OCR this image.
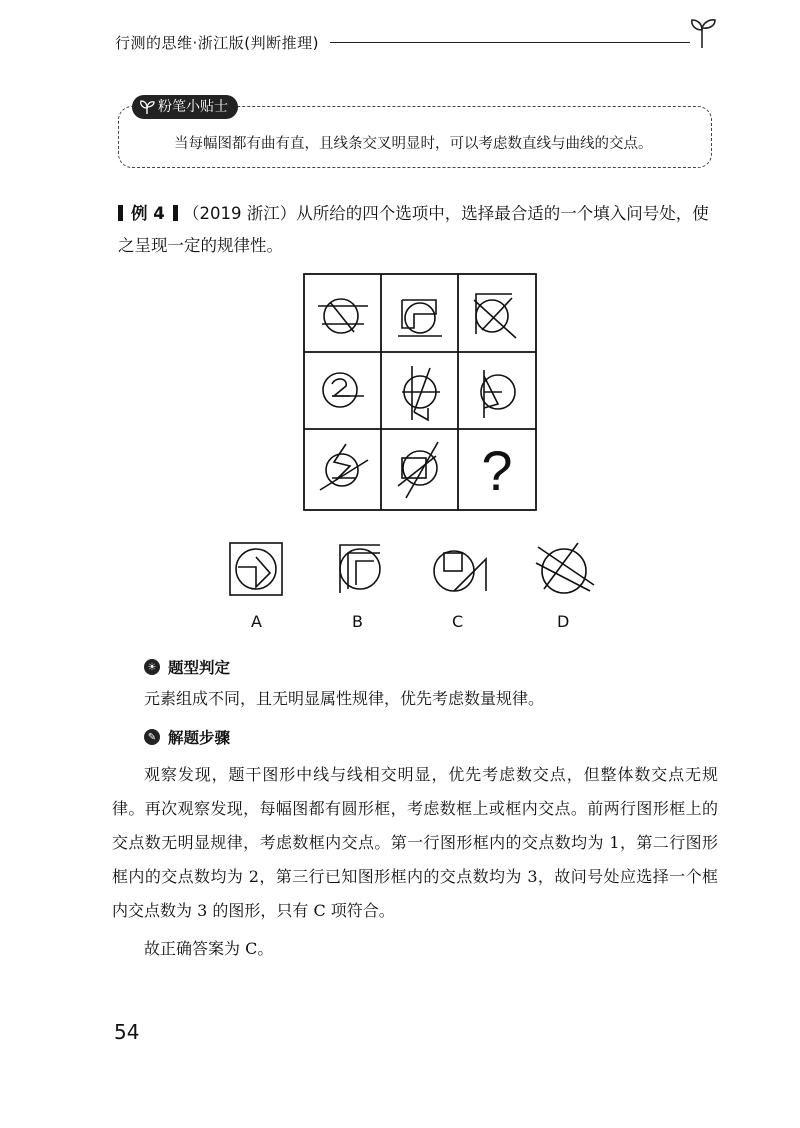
行测的思维·浙江版(判断推理)
粉笔小贴士
当每幅图都有曲有直，且线条交叉明显时，可以考虑数直线与曲线的交点。
例 4 （2019 浙江）从所给的四个选项中，选择最合适的一个填入问号处，使之呈现一定的规律性。
?
A	B	C	D
☀ 题型判定
元素组成不同，且无明显属性规律，优先考虑数量规律。
✎ 解题步骤
观察发现，题干图形中线与线相交明显，优先考虑数交点，但整体数交点无规律。再次观察发现，每幅图都有圆形框，考虑数框上或框内交点。前两行图形框上的交点数无明显规律，考虑数框内交点。第一行图形框内的交点数均为 1，第二行图形框内的交点数均为 2，第三行已知图形框内的交点数均为 3，故问号处应选择一个框内交点数为 3 的图形，只有 C 项符合。
故正确答案为 C。
54
